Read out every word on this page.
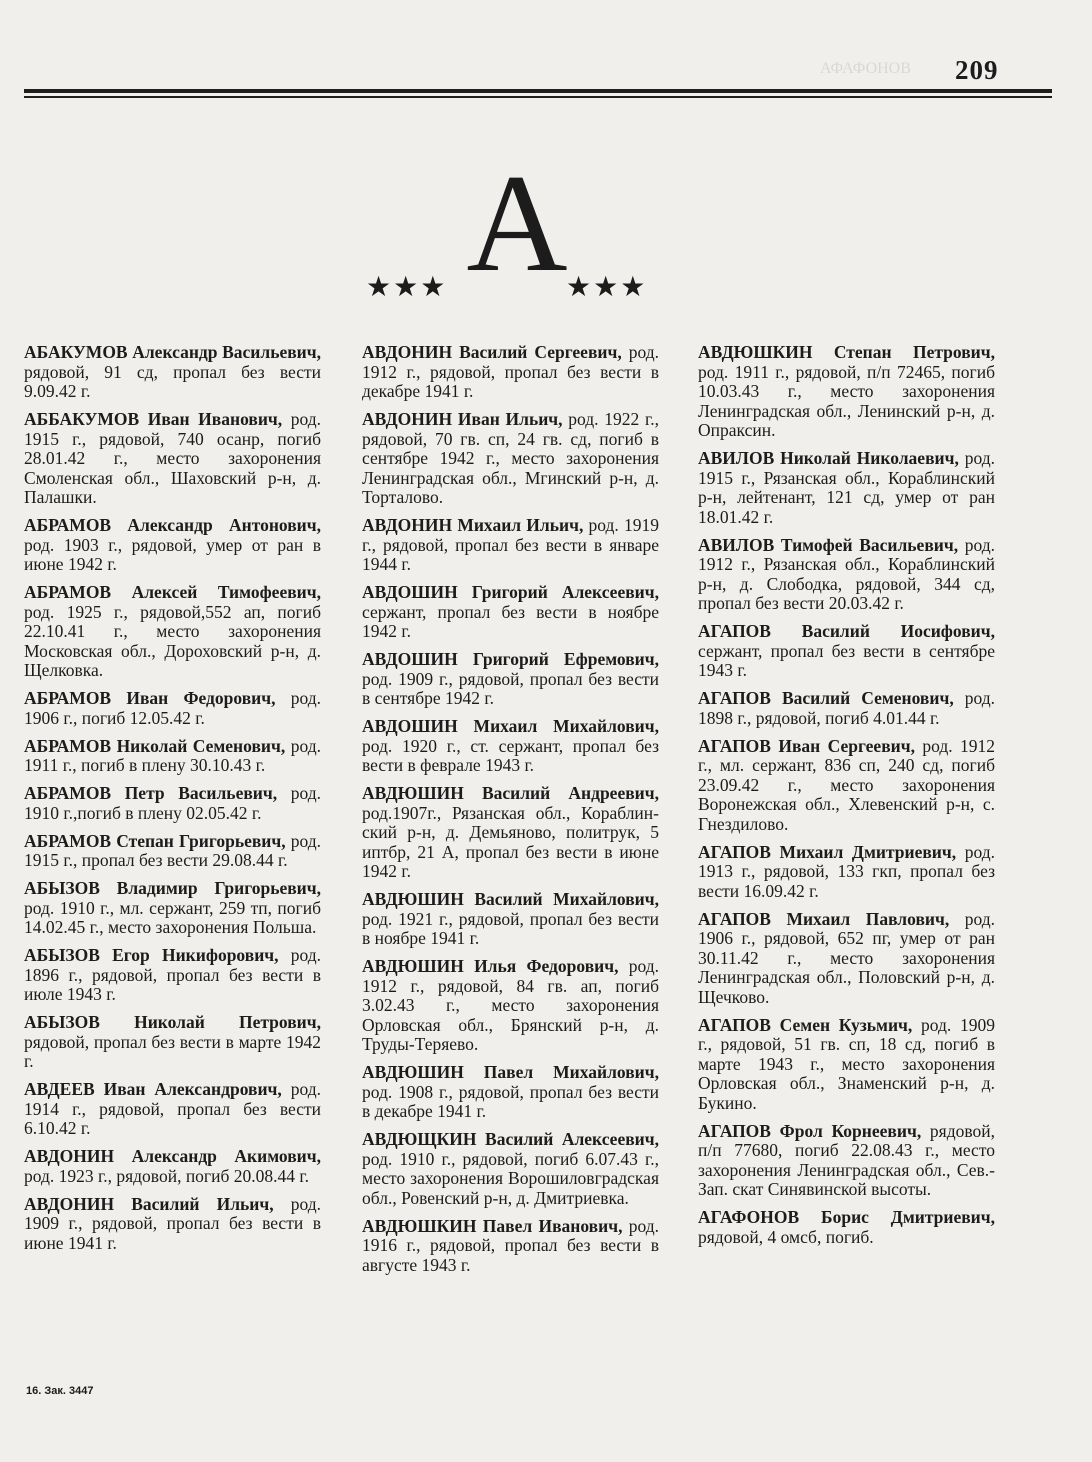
АФАФОНОВ 209
★★★ А
★★★
АБАКУМОВ Александр Васильевич, рядовой, 91 сд, пропал без вести 9.09.42 г.
АББАКУМОВ Иван Иванович, род. 1915 г., рядовой, 740 осанр, погиб 28.01.42 г., место захоронения Смоленская обл., Шаховский р-н, д. Палашки.
АБРАМОВ Александр Антонович, род. 1903 г., рядовой, умер от ран в июне 1942 г.
АБРАМОВ Алексей Тимофеевич, род. 1925 г., рядовой,552 ап, погиб 22.10.41 г., место захоронения Московская обл., Дороховский р-н, д. Щелковка.
АБРАМОВ Иван Федорович, род. 1906 г., погиб 12.05.42 г.
АБРАМОВ Николай Семенович, род. 1911 г., погиб в плену 30.10.43 г.
АБРАМОВ Петр Васильевич, род. 1910 г.,погиб в плену 02.05.42 г.
АБРАМОВ Степан Григорьевич, род. 1915 г., пропал без вести 29.08.44 г.
АБЫЗОВ Владимир Григорьевич, род. 1910 г., мл. сержант, 259 тп, погиб 14.02.45 г., место захоронения Польша.
АБЫЗОВ Егор Никифорович, род. 1896 г., рядовой, пропал без вести в июле 1943 г.
АБЫЗОВ Николай Петрович, рядовой, пропал без вести в марте 1942 г.
АВДЕЕВ Иван Александрович, род. 1914 г., рядовой, пропал без вести 6.10.42 г.
АВДОНИН Александр Акимович, род. 1923 г., рядовой, погиб 20.08.44 г.
АВДОНИН Василий Ильич, род. 1909 г., рядовой, пропал без вести в июне 1941 г.
АВДОНИН Василий Сергеевич, род. 1912 г., рядовой, пропал без вести в декабре 1941 г.
АВДОНИН Иван Ильич, род. 1922 г., рядовой, 70 гв. сп, 24 гв. сд, погиб в сентябре 1942 г., место захоронения Ленинградская обл., Мгинский р-н, д. Торталово.
АВДОНИН Михаил Ильич, род. 1919 г., рядовой, пропал без вести в январе 1944 г.
АВДОШИН Григорий Алексеевич, сержант, пропал без вести в ноябре 1942 г.
АВДОШИН Григорий Ефремович, род. 1909 г., рядовой, пропал без вести в сентябре 1942 г.
АВДОШИН Михаил Михайлович, род. 1920 г., ст. сержант, пропал без вести в феврале 1943 г.
АВДЮШИН Василий Андреевич, род.1907г., Рязанская обл., Кораблин-ский р-н, д. Демьяново, политрук, 5 иптбр, 21 А, пропал без вести в июне 1942 г.
АВДЮШИН Василий Михайлович, род. 1921 г., рядовой, пропал без вести в ноябре 1941 г.
АВДЮШИН Илья Федорович, род. 1912 г., рядовой, 84 гв. ап, погиб 3.02.43 г., место захоронения Орловская обл., Брянский р-н, д. Труды-Теряево.
АВДЮШИН Павел Михайлович, род. 1908 г., рядовой, пропал без вести в декабре 1941 г.
АВДЮЩКИН Василий Алексеевич, род. 1910 г., рядовой, погиб 6.07.43 г., место захоронения Ворошиловградская обл., Ровенский р-н, д. Дмитриевка.
АВДЮШКИН Павел Иванович, род. 1916 г., рядовой, пропал без вести в августе 1943 г.
АВДЮШКИН Степан Петрович, род. 1911 г., рядовой, п/п 72465, погиб 10.03.43 г., место захоронения Ленинградская обл., Ленинский р-н, д. Опраксин.
АВИЛОВ Николай Николаевич, род. 1915 г., Рязанская обл., Кораблинский р-н, лейтенант, 121 сд, умер от ран 18.01.42 г.
АВИЛОВ Тимофей Васильевич, род. 1912 г., Рязанская обл., Кораблинский р-н, д. Слободка, рядовой, 344 сд, пропал без вести 20.03.42 г.
АГАПОВ Василий Иосифович, сержант, пропал без вести в сентябре 1943 г.
АГАПОВ Василий Семенович, род. 1898 г., рядовой, погиб 4.01.44 г.
АГАПОВ Иван Сергеевич, род. 1912 г., мл. сержант, 836 сп, 240 сд, погиб 23.09.42 г., место захоронения Воронежская обл., Хлевенский р-н, с. Гнездилово.
АГАПОВ Михаил Дмитриевич, род. 1913 г., рядовой, 133 гкп, пропал без вести 16.09.42 г.
АГАПОВ Михаил Павлович, род. 1906 г., рядовой, 652 пг, умер от ран 30.11.42 г., место захоронения Ленинградская обл., Половский р-н, д. Щечково.
АГАПОВ Семен Кузьмич, род. 1909 г., рядовой, 51 гв. сп, 18 сд, погиб в марте 1943 г., место захоронения Орловская обл., Знаменский р-н, д. Букино.
АГАПОВ Фрол Корнеевич, рядовой, п/п 77680, погиб 22.08.43 г., место захоронения Ленинградская обл., Сев.- Зап. скат Синявинской высоты.
АГАФОНОВ Борис Дмитриевич, рядовой, 4 омсб, погиб.
16. Зак. 3447
